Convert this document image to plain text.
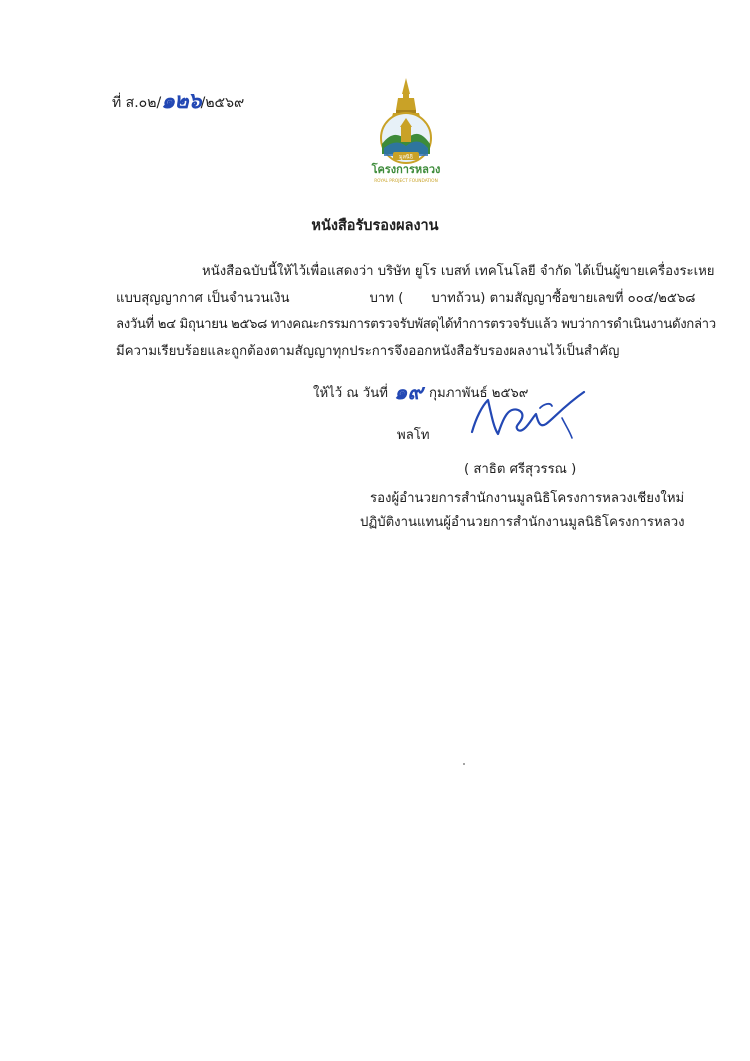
ที่ ส.๐๒/๑๒๖/๒๕๖๙
มูลนิธิ
โครงการหลวง
ROYAL PROJECT FOUNDATION
หนังสือรับรองผลงาน
หนังสือฉบับนี้ให้ไว้เพื่อแสดงว่า บริษัท ยูโร เบสท์ เทคโนโลยี จำกัด ได้เป็นผู้ขายเครื่องระเหย
แบบสุญญากาศ เป็นจำนวนเงิน	บาท ( บาทถ้วน) ตามสัญญาซื้อขายเลขที่ ๐๐๔/๒๕๖๘
ลงวันที่ ๒๔ มิถุนายน ๒๕๖๘ ทางคณะกรรมการตรวจรับพัสดุได้ทำการตรวจรับแล้ว พบว่าการดำเนินงานดังกล่าว
มีความเรียบร้อยและถูกต้องตามสัญญาทุกประการจึงออกหนังสือรับรองผลงานไว้เป็นสำคัญ
ให้ไว้ ณ วันที่ ๑๙ กุมภาพันธ์ ๒๕๖๙
พลโท
( สาธิต ศรีสุวรรณ )
รองผู้อำนวยการสำนักงานมูลนิธิโครงการหลวงเชียงใหม่
ปฏิบัติงานแทนผู้อำนวยการสำนักงานมูลนิธิโครงการหลวง
